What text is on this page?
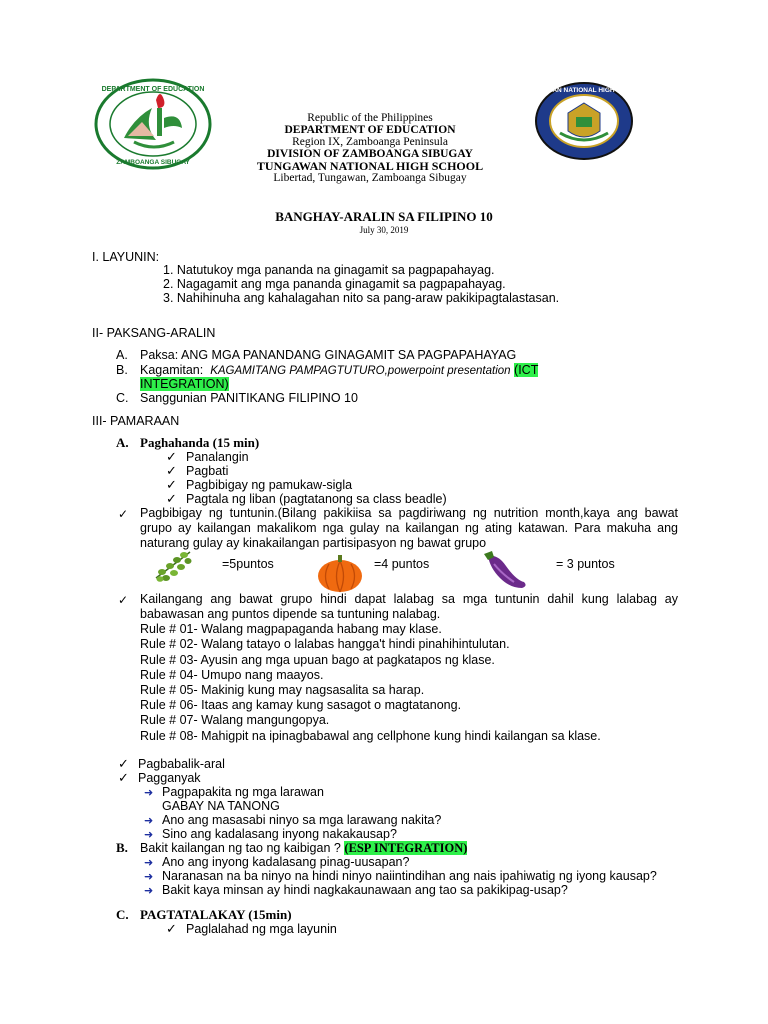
DEPARTMENT OF EDUCATION
ZAMBOANGA SIBUGAY
TUNGAWAN NATIONAL HIGH SCHOOL
Republic of the Philippines
DEPARTMENT OF EDUCATION
Region IX, Zamboanga Peninsula
DIVISION OF ZAMBOANGA SIBUGAY
TUNGAWAN NATIONAL HIGH SCHOOL
Libertad, Tungawan, Zamboanga Sibugay
BANGHAY-ARALIN SA FILIPINO 10
July 30, 2019
I. LAYUNIN:
1. Natutukoy mga pananda na ginagamit sa pagpapahayag.
2. Nagagamit ang mga pananda ginagamit sa pagpapahayag.
3. Nahihinuha ang kahalagahan nito sa pang-araw pakikipagtalastasan.
II- PAKSANG-ARALIN
A. Paksa: ANG MGA PANANDANG GINAGAMIT SA PAGPAPAHAYAG
B. Kagamitan: KAGAMITANG PAMPAGTUTURO,powerpoint presentation (ICT
INTEGRATION)
C. Sanggunian PANITIKANG FILIPINO 10
III- PAMARAAN
A. Paghahanda (15 min)
✓ Panalangin
✓ Pagbati
✓ Pagbibigay ng pamukaw-sigla
✓ Pagtala ng liban (pagtatanong sa class beadle)
✓ Pagbibigay ng tuntunin.(Bilang pakikiisa sa pagdiriwang ng nutrition month,kaya ang bawat grupo ay kailangan makalikom nga gulay na kailangan ng ating katawan. Para makuha ang naturang gulay ay kinakailangan partisipasyon ng bawat grupo
=5puntos	=4 puntos	= 3 puntos
✓ Kailangang ang bawat grupo hindi dapat lalabag sa mga tuntunin dahil kung lalabag ay babawasan ang puntos dipende sa tuntuning nalabag.
Rule # 01- Walang magpapaganda habang may klase.
Rule # 02- Walang tatayo o lalabas hangga't hindi pinahihintulutan.
Rule # 03- Ayusin ang mga upuan bago at pagkatapos ng klase.
Rule # 04- Umupo nang maayos.
Rule # 05- Makinig kung may nagsasalita sa harap.
Rule # 06- Itaas ang kamay kung sasagot o magtatanong.
Rule # 07- Walang mangungopya.
Rule # 08- Mahigpit na ipinagbabawal ang cellphone kung hindi kailangan sa klase.
✓ Pagbabalik-aral
✓ Pagganyak
➜ Pagpapakita ng mga larawan
GABAY NA TANONG
➜ Ano ang masasabi ninyo sa mga larawang nakita?
➜ Sino ang kadalasang inyong nakakausap?
B. Bakit kailangan ng tao ng kaibigan ? (ESP INTEGRATION)
➜ Ano ang inyong kadalasang pinag-uusapan?
➜ Naranasan na ba ninyo na hindi ninyo naiintindihan ang nais ipahiwatig ng iyong kausap?
➜ Bakit kaya minsan ay hindi nagkakaunawaan ang tao sa pakikipag-usap?
C. PAGTATALAKAY (15min)
✓ Paglalahad ng mga layunin
